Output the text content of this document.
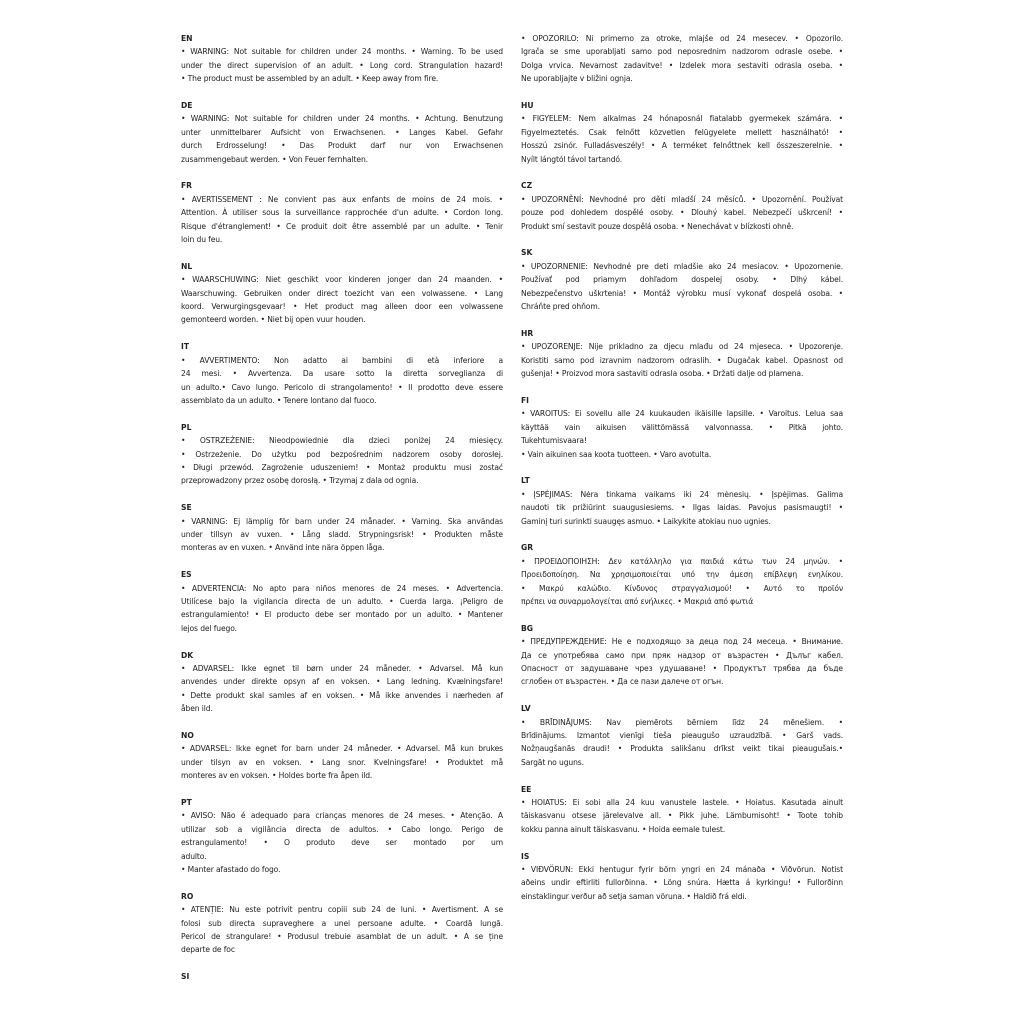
EN
• WARNING: Not suitable for children under 24 months. • Warning. To be used
under the direct supervision of an adult. • Long cord. Strangulation hazard!
• The product must be assembled by an adult. • Keep away from fire.
DE
• WARNING: Not suitable for children under 24 months. • Achtung. Benutzung
unter unmittelbarer Aufsicht von Erwachsenen. • Langes Kabel. Gefahr
durch Erdrosselung! • Das Produkt darf nur von Erwachsenen
zusammengebaut werden. • Von Feuer fernhalten.
FR
• AVERTISSEMENT : Ne convient pas aux enfants de moins de 24 mois. •
Attention. À utiliser sous la surveillance rapprochée d'un adulte. • Cordon long.
Risque d'étranglement! • Ce produit doit être assemblé par un adulte. • Tenir
loin du feu.
NL
• WAARSCHUWING: Niet geschikt voor kinderen jonger dan 24 maanden. •
Waarschuwing. Gebruiken onder direct toezicht van een volwassene. • Lang
koord. Verwurgingsgevaar! • Het product mag alleen door een volwassene
gemonteerd worden. • Niet bij open vuur houden.
IT
• AVVERTIMENTO: Non adatto ai bambini di età inferiore a
24 mesi. • Avvertenza. Da usare sotto la diretta sorveglianza di
un adulto.• Cavo lungo. Pericolo di strangolamento! • Il prodotto deve essere
assemblato da un adulto. • Tenere lontano dal fuoco.
PL
• OSTRZEŻENIE: Nieodpowiednie dla dzieci poniżej 24 miesięcy.
• Ostrzeżenie. Do użytku pod bezpośrednim nadzorem osoby dorosłej.
• Długi przewód. Zagrożenie uduszeniem! • Montaż produktu musi zostać
przeprowadzony przez osobę dorosłą. • Trzymaj z dala od ognia.
SE
• VARNING: Ej lämplig för barn under 24 månader. • Varning. Ska användas
under tillsyn av vuxen. • Lång sladd. Strypningsrisk! • Produkten måste
monteras av en vuxen. • Använd inte nära öppen låga.
ES
• ADVERTENCIA: No apto para niños menores de 24 meses. • Advertencia.
Utilícese bajo la vigilancia directa de un adulto. • Cuerda larga. ¡Peligro de
estrangulamiento! • El producto debe ser montado por un adulto. • Mantener
lejos del fuego.
DK
• ADVARSEL: Ikke egnet til børn under 24 måneder. • Advarsel. Må kun
anvendes under direkte opsyn af en voksen. • Lang ledning. Kvælningsfare!
• Dette produkt skal samles af en voksen. • Må ikke anvendes i nærheden af
åben ild.
NO
• ADVARSEL: Ikke egnet for barn under 24 måneder. • Advarsel. Må kun brukes
under tilsyn av en voksen. • Lang snor. Kvelningsfare! • Produktet må
monteres av en voksen. • Holdes borte fra åpen ild.
PT
• AVISO: Não é adequado para crianças menores de 24 meses. • Atenção. A
utilizar sob a vigilância directa de adultos. • Cabo longo. Perigo de
estrangulamento! • O produto deve ser montado por um
adulto.
• Manter afastado do fogo.
RO
• ATENȚIE: Nu este potrivit pentru copiii sub 24 de luni. • Avertisment. A se
folosi sub directa supraveghere a unei persoane adulte. • Coardă lungă.
Pericol de strangulare! • Produsul trebuie asamblat de un adult. • A se ține
departe de foc
SI
• OPOZORILO: Ni primerno za otroke, mlajše od 24 mesecev. • Opozorilo.
Igrača se sme uporabljati samo pod neposrednim nadzorom odrasle osebe. •
Dolga vrvica. Nevarnost zadavitve! • Izdelek mora sestaviti odrasla oseba. •
Ne uporabljajte v bližini ognja.
HU
• FIGYELEM: Nem alkalmas 24 hónaposnál fiatalabb gyermekek számára. •
Figyelmeztetés. Csak felnőtt közvetlen felügyelete mellett használható! •
Hosszú zsinór. Fulladásveszély! • A terméket felnőttnek kell összeszerelnie. •
Nyílt lángtól távol tartandó.
CZ
• UPOZORNĚNÍ: Nevhodné pro děti mladší 24 měsíců. • Upozornění. Používat
pouze pod dohledem dospělé osoby. • Dlouhý kabel. Nebezpečí uškrcení! •
Produkt smí sestavit pouze dospělá osoba. • Nenechávat v blízkosti ohně.
SK
• UPOZORNENIE: Nevhodné pre deti mladšie ako 24 mesiacov. • Upozornenie.
Používať pod priamym dohľadom dospelej osoby. • Dlhý kábel.
Nebezpečenstvo uškrtenia! • Montáž výrobku musí vykonať dospelá osoba. •
Chráňte pred ohňom.
HR
• UPOZORENJE: Nije prikladno za djecu mlađu od 24 mjeseca. • Upozorenje.
Koristiti samo pod izravnim nadzorom odraslih. • Dugačak kabel. Opasnost od
gušenja! • Proizvod mora sastaviti odrasla osoba. • Držati dalje od plamena.
FI
• VAROITUS: Ei sovellu alle 24 kuukauden ikäisille lapsille. • Varoitus. Lelua saa
käyttää vain aikuisen välittömässä valvonnassa. • Pitkä johto.
Tukehtumisvaara!
• Vain aikuinen saa koota tuotteen. • Varo avotulta.
LT
• ĮSPĖJIMAS: Nėra tinkama vaikams iki 24 mėnesių. • Įspėjimas. Galima
naudoti tik prižiūrint suaugusiesiems. • Ilgas laidas. Pavojus pasismaugti! •
Gaminį turi surinkti suaugęs asmuo. • Laikykite atokiau nuo ugnies.
GR
• ΠΡΟΕΙΔΟΠΟΙΗΣΗ: Δεν κατάλληλο για παιδιά κάτω των 24 μηνών. •
Προειδοποίηση. Να χρησιμοποιείται υπό την άμεση επίβλεψη ενηλίκου.
• Μακρύ καλώδιο. Κίνδυνος στραγγαλισμού! • Αυτό το προϊόν
πρέπει να συναρμολογείται από ενήλικες. • Μακριά από φωτιά
BG
• ПРЕДУПРЕЖДЕНИЕ: Не е подходящо за деца под 24 месеца. • Внимание.
Да се употребява само при пряк надзор от възрастен • Дълъг кабел.
Опасност от задушаване чрез удушаване! • Продуктът трябва да бъде
сглобен от възрастен. • Да се пази далече от огън.
LV
• BRĪDINĀJUMS: Nav piemērots bērniem līdz 24 mēnešiem. •
Brīdinājums. Izmantot vienīgi tieša pieaugušo uzraudzībā. • Garš vads.
Nožņaugšanās draudi! • Produkta salikšanu drīkst veikt tikai pieaugušais.•
Sargāt no uguns.
EE
• HOIATUS: Ei sobi alla 24 kuu vanustele lastele. • Hoiatus. Kasutada ainult
täiskasvanu otsese järelevalve all. • Pikk juhe. Lämbumisoht! • Toote tohib
kokku panna ainult täiskasvanu. • Hoida eemale tulest.
IS
• VIÐVÖRUN: Ekki hentugur fyrir börn yngri en 24 mánaða • Viðvörun. Notist
aðeins undir eftirliti fullorðinna. • Löng snúra. Hætta á kyrkingu! • Fullorðinn
einstaklingur verður að setja saman vöruna. • Haldið frá eldi.
